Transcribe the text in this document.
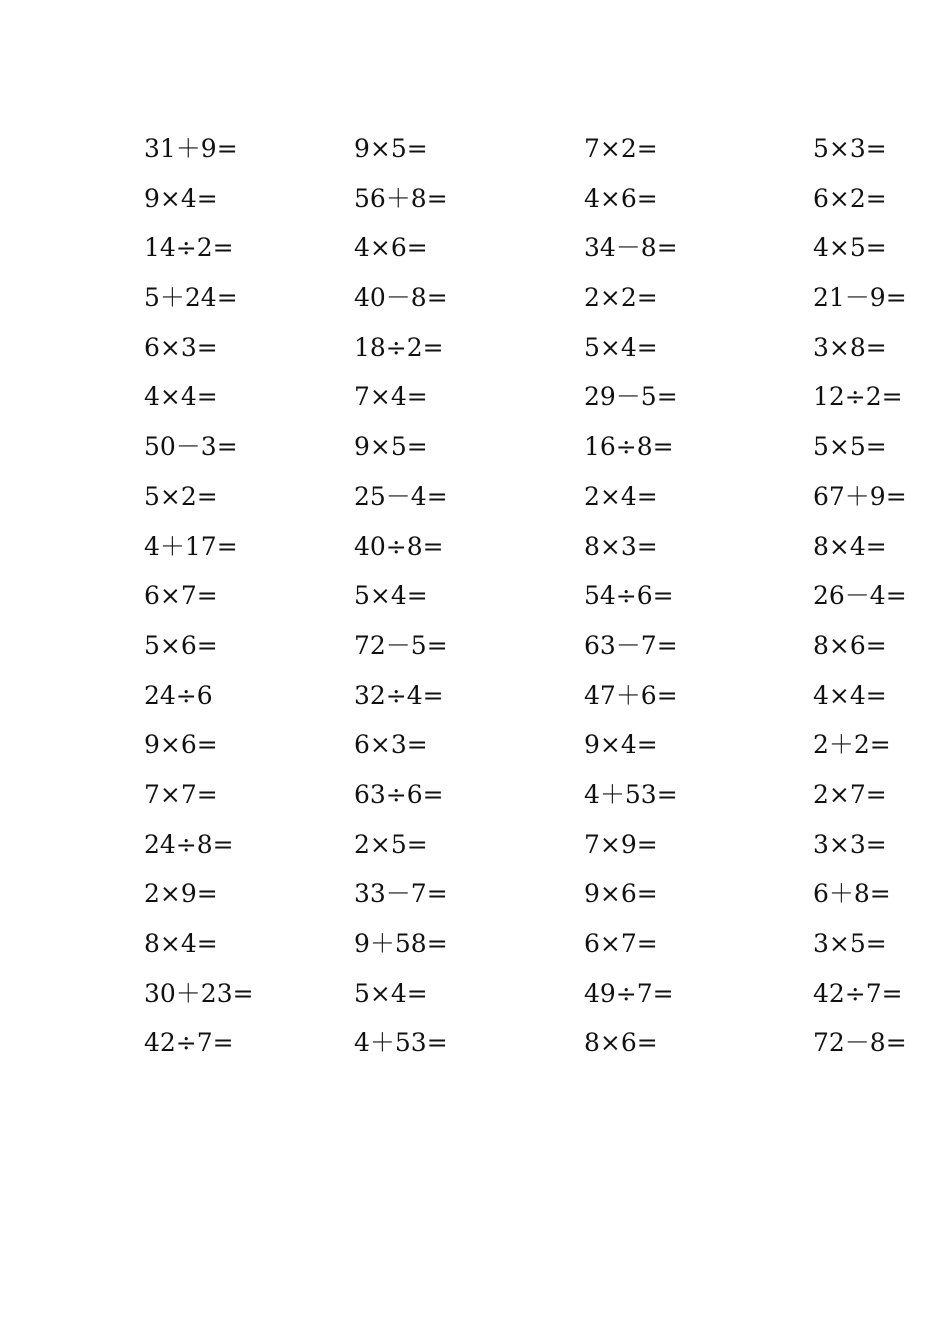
31＋9=	9×5=	7×2=	5×3=
9×4=	56＋8=	4×6=	6×2=
14÷2=	4×6=	34－8=	4×5=
5＋24=	40－8=	2×2=	21－9=
6×3=	18÷2=	5×4=	3×8=
4×4=	7×4=	29－5=	12÷2=
50－3=	9×5=	16÷8=	5×5=
5×2=	25－4=	2×4=	67＋9=
4＋17=	40÷8=	8×3=	8×4=
6×7=	5×4=	54÷6=	26－4=
5×6=	72－5=	63－7=	8×6=
24÷6	32÷4=	47＋6=	4×4=
9×6=	6×3=	9×4=	2＋2=
7×7=	63÷6=	4＋53=	2×7=
24÷8=	2×5=	7×9=	3×3=
2×9=	33－7=	9×6=	6＋8=
8×4=	9＋58=	6×7=	3×5=
30＋23=	5×4=	49÷7=	42÷7=
42÷7=	4＋53=	8×6=	72－8=
